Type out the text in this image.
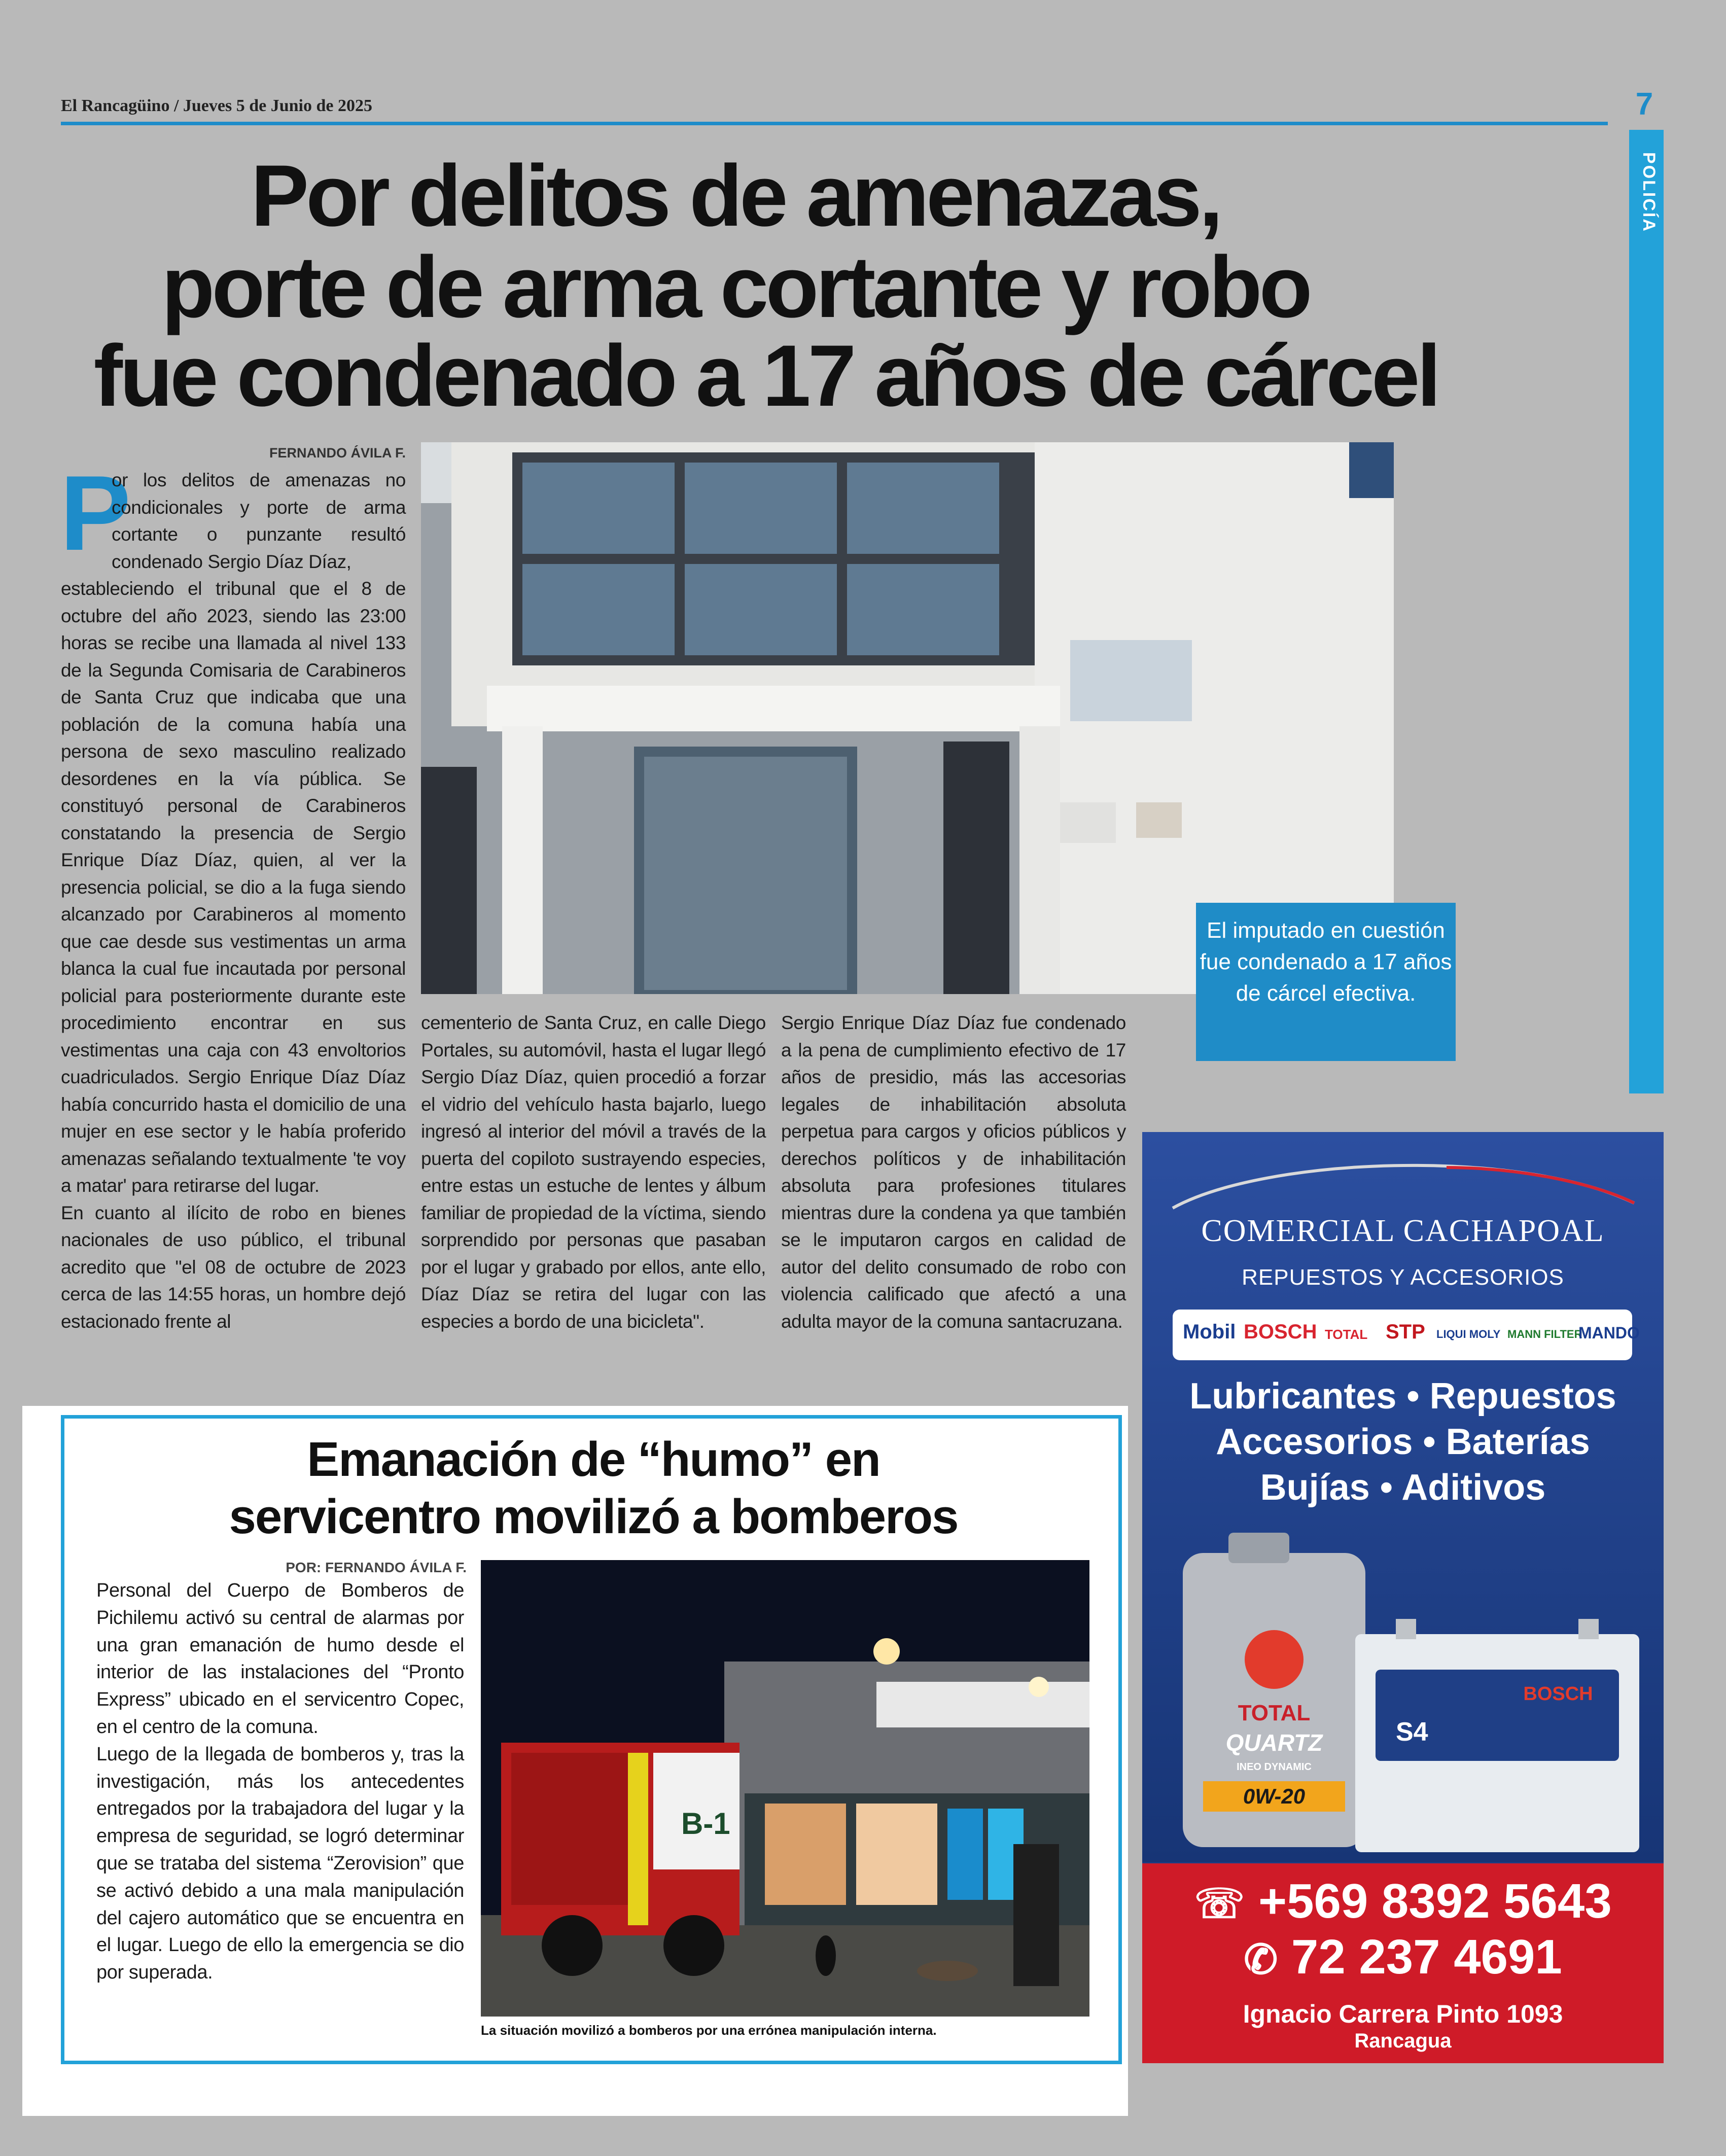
El Rancagüino / Jueves 5 de Junio de 2025	7
POLICÍA
Por delitos de amenazas,
porte de arma cortante y robo
fue condenado a 17 años de cárcel
FERNANDO ÁVILA F.
P
or los delitos de amenazas no condicionales y porte de arma cortante o punzante resultó condenado Sergio Díaz Díaz,
estableciendo el tribunal que el 8 de octubre del año 2023, siendo las 23:00 horas se recibe una llamada al nivel 133 de la Segunda Comisaria de Carabineros de Santa Cruz que indicaba que una población de la comuna había una persona de sexo masculino realizado desordenes en la vía pública. Se constituyó personal de Carabineros constatando la presencia de Sergio Enrique Díaz Díaz, quien, al ver la presencia policial, se dio a la fuga siendo alcanzado por Carabineros al momento que cae desde sus vestimentas un arma blanca la cual fue incautada por personal policial para posteriormente durante este procedimiento encontrar en sus vestimentas una caja con 43 envoltorios cuadriculados. Sergio Enrique Díaz Díaz había concurrido hasta el domicilio de una mujer en ese sector y le había proferido amenazas señalando textualmente 'te voy a matar' para retirarse del lugar.
En cuanto al ilícito de robo en bienes nacionales de uso público, el tribunal acredito que "el 08 de octubre de 2023 cerca de las 14:55 horas, un hombre dejó estacionado frente al
cementerio de Santa Cruz, en calle Diego Portales, su automóvil, hasta el lugar llegó Sergio Díaz Díaz, quien procedió a forzar el vidrio del vehículo hasta bajarlo, luego ingresó al interior del móvil a través de la puerta del copiloto sustrayendo especies, entre estas un estuche de lentes y álbum familiar de propiedad de la víctima, siendo sorprendido por personas que pasaban por el lugar y grabado por ellos, ante ello, Díaz Díaz se retira del lugar con las especies a bordo de una bicicleta".
Sergio Enrique Díaz Díaz fue condenado a la pena de cumplimiento efectivo de 17 años de presidio, más las accesorias legales de inhabilitación absoluta perpetua para cargos y oficios públicos y derechos políticos y de inhabilitación absoluta para profesiones titulares mientras dure la condena ya que también se le imputaron cargos en calidad de autor del delito consumado de robo con violencia calificado que afectó a una adulta mayor de la comuna santacruzana.
El imputado en cuestión fue condenado a 17 años de cárcel efectiva.
Emanación de “humo” en
servicentro movilizó a bomberos
POR: FERNANDO ÁVILA F.
Personal del Cuerpo de Bomberos de Pichilemu activó su central de alarmas por una gran emanación de humo desde el interior de las instalaciones del “Pronto Express” ubicado en el servicentro Copec, en el centro de la comuna.
Luego de la llegada de bomberos y, tras la investigación, más los antecedentes entregados por la trabajadora del lugar y la empresa de seguridad, se logró determinar que se trataba del sistema “Zerovision” que se activó debido a una mala manipulación del cajero automático que se encuentra en el lugar. Luego de ello la emergencia se dio por superada.
B-1
La situación movilizó a bomberos por una errónea manipulación interna.
COMERCIAL CACHAPOAL
REPUESTOS Y ACCESORIOS
Mobil BOSCH TOTAL STP LIQUI MOLY MANN FILTER
MANDO
Lubricantes • Repuestos
Accesorios • Baterías
Bujías • Aditivos
TOTAL
QUARTZ
INEO DYNAMIC
0W-20
BOSCH
S4
☏ +569 8392 5643
✆ 72 237 4691
Ignacio Carrera Pinto 1093
Rancagua
